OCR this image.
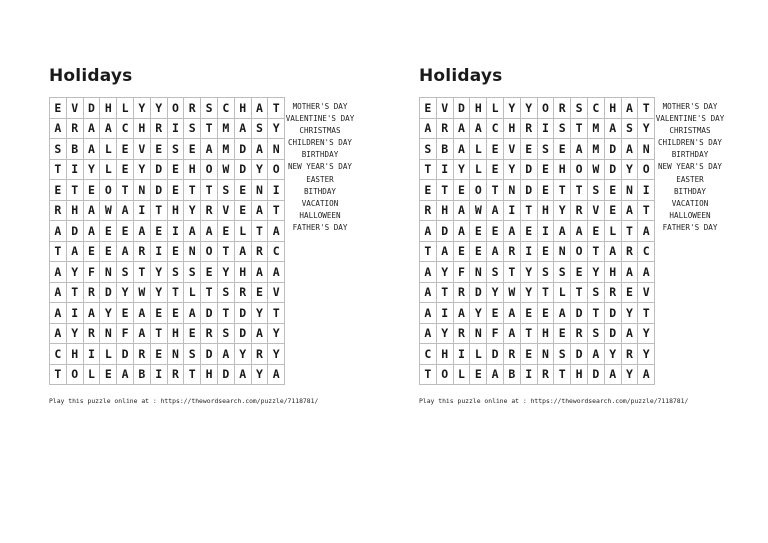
Holidays
E V D H L Y Y O R S C H A T
A R A A C H R I S T M A S Y
S B A L E V E S E A M D A N
T I Y L E Y D E H O W D Y O
E T E O T N D E T T S E N I
R H A W A I T H Y R V E A T
A D A E E A E I A A E L T A
T A E E A R I E N O T A R C
A Y F N S T Y S S E Y H A A
A T R D Y W Y T L T S R E V
A I A Y E A E E A D T D Y T
A Y R N F A T H E R S D A Y
C H I L D R E N S D A Y R Y
T O L E A B I R T H D A Y A
MOTHER'S DAY
VALENTINE'S DAY
CHRISTMAS
CHILDREN'S DAY
BIRTHDAY
NEW YEAR'S DAY
EASTER
BITHDAY
VACATION
HALLOWEEN
FATHER'S DAY
Play this puzzle online at : https://thewordsearch.com/puzzle/7118781/
Holidays
E V D H L Y Y O R S C H A T
A R A A C H R I S T M A S Y
S B A L E V E S E A M D A N
T I Y L E Y D E H O W D Y O
E T E O T N D E T T S E N I
R H A W A I T H Y R V E A T
A D A E E A E I A A E L T A
T A E E A R I E N O T A R C
A Y F N S T Y S S E Y H A A
A T R D Y W Y T L T S R E V
A I A Y E A E E A D T D Y T
A Y R N F A T H E R S D A Y
C H I L D R E N S D A Y R Y
T O L E A B I R T H D A Y A
MOTHER'S DAY
VALENTINE'S DAY
CHRISTMAS
CHILDREN'S DAY
BIRTHDAY
NEW YEAR'S DAY
EASTER
BITHDAY
VACATION
HALLOWEEN
FATHER'S DAY
Play this puzzle online at : https://thewordsearch.com/puzzle/7118781/
